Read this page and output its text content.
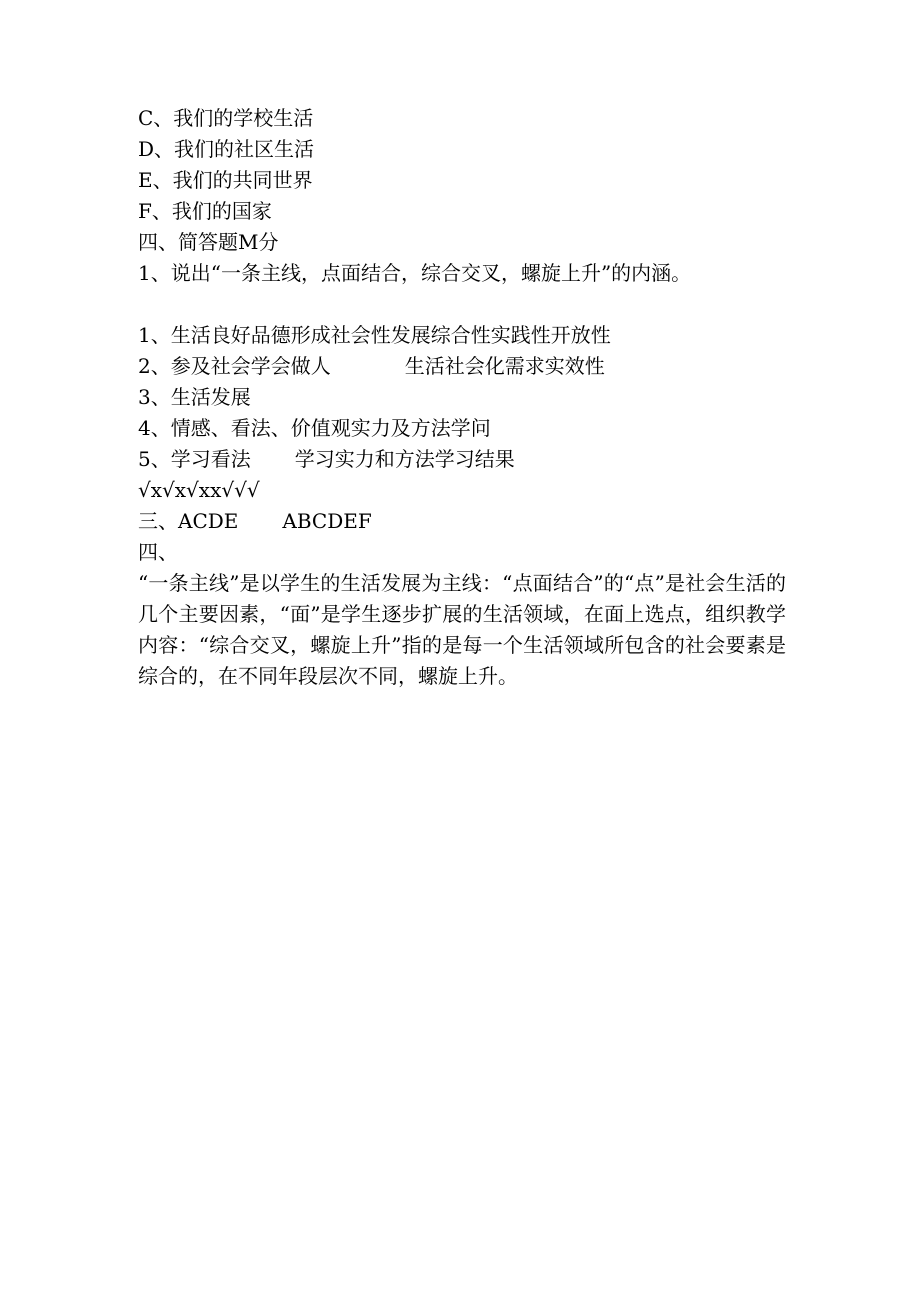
C、我们的学校生活
D、我们的社区生活
E、我们的共同世界
F、我们的国家
四、简答题M分
1、说出“一条主线，点面结合，综合交叉，螺旋上升”的内涵。
1、生活良好品德形成社会性发展综合性实践性开放性
2、参及社会学会做人	生活社会化需求实效性
3、生活发展
4、情感、看法、价值观实力及方法学问
5、学习看法 学习实力和方法学习结果
√x√x√xx√√√
三、ACDE ABCDEF
四、
“一条主线”是以学生的生活发展为主线：“点面结合”的“点”是社会生活的几个主要因素，“面”是学生逐步扩展的生活领域，在面上选点，组织教学内容：“综合交叉，螺旋上升”指的是每一个生活领域所包含的社会要素是综合的，在不同年段层次不同，螺旋上升。
